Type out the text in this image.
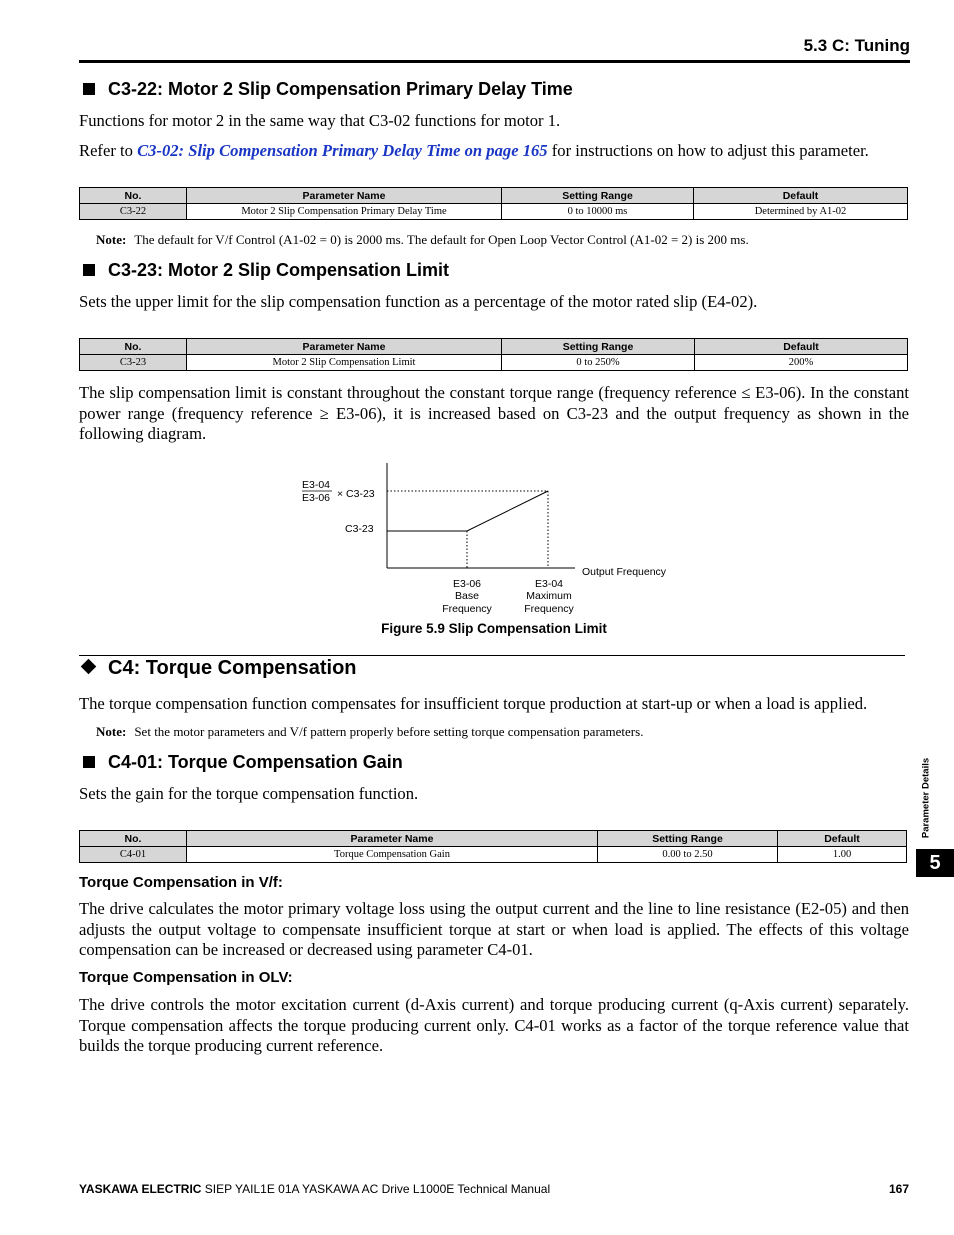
5.3 C: Tuning
C3-22: Motor 2 Slip Compensation Primary Delay Time
Functions for motor 2 in the same way that C3-02 functions for motor 1.
Refer to C3-02: Slip Compensation Primary Delay Time on page 165 for instructions on how to adjust this parameter.
No.	Parameter Name	Setting Range	Default
C3-22	Motor 2 Slip Compensation Primary Delay Time	0 to 10000 ms	Determined by A1-02
Note: The default for V/f Control (A1-02 = 0) is 2000 ms. The default for Open Loop Vector Control (A1-02 = 2) is 200 ms.
C3-23: Motor 2 Slip Compensation Limit
Sets the upper limit for the slip compensation function as a percentage of the motor rated slip (E4-02).
No.	Parameter Name	Setting Range	Default
C3-23	Motor 2 Slip Compensation Limit	0 to 250%	200%
The slip compensation limit is constant throughout the constant torque range (frequency reference ≤ E3-06). In the constant power range (frequency reference ≥ E3-06), it is increased based on C3-23 and the output frequency as shown in the following diagram.
E3-04
E3-06 × C3-23
C3-23
Output Frequency
E3-06
Base
Frequency
E3-04
Maximum
Frequency
Figure 5.9 Slip Compensation Limit
C4: Torque Compensation
The torque compensation function compensates for insufficient torque production at start-up or when a load is applied.
Note: Set the motor parameters and V/f pattern properly before setting torque compensation parameters.
C4-01: Torque Compensation Gain
Sets the gain for the torque compensation function.
No.	Parameter Name	Setting Range	Default
C4-01	Torque Compensation Gain	0.00 to 2.50	1.00
Torque Compensation in V/f:
The drive calculates the motor primary voltage loss using the output current and the line to line resistance (E2-05) and then adjusts the output voltage to compensate insufficient torque at start or when load is applied. The effects of this voltage compensation can be increased or decreased using parameter C4-01.
Torque Compensation in OLV:
The drive controls the motor excitation current (d-Axis current) and torque producing current (q-Axis current) separately. Torque compensation affects the torque producing current only. C4-01 works as a factor of the torque reference value that builds the torque producing current reference.
Parameter Details
5
YASKAWA ELECTRIC SIEP YAIL1E 01A YASKAWA AC Drive L1000E Technical Manual	167
